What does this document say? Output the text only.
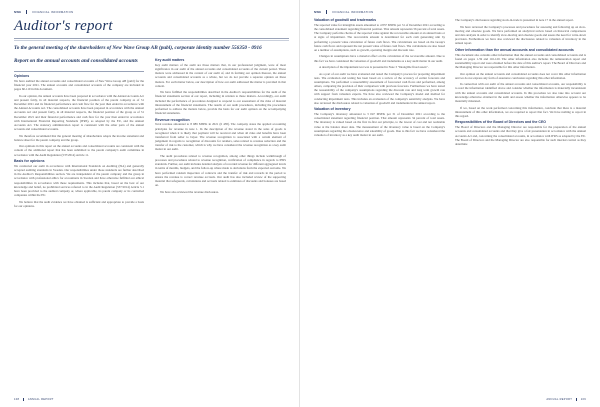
NWE	FINANCIAL INFORMATION
Auditor's report
To the general meeting of the shareholders of New Wave Group AB (publ), corporate identity number 556350 - 0916
Report on the annual accounts and consolidated accounts
Opinions

We have audited the annual accounts and consolidated accounts of New Wave Group AB (publ) for the financial year 2021. The annual accounts and consolidated accounts of the company are included in pages 60-110 in this document.

In our opinion, the annual accounts have been prepared in accordance with the Annual Accounts Act and present fairly, in all material respects, the financial position of the parent company as of 31 December 2021 and its financial performance and cash flow for the year then ended in accordance with the Annual Accounts Act. The consolidated accounts have been prepared in accordance with the Annual Accounts Act and present fairly, in all material respects, the financial position of the group as of 31 December 2021 and their financial performance and cash flow for the year then ended in accordance with International Financial Reporting Standards (IFRS), as adopted by the EU, and the Annual Accounts Act. The statutory administration report is consistent with the other parts of the annual accounts and consolidated accounts.

We therefore recommend that the general meeting of shareholders adopts the income statement and balance sheet for the parent company and the group.

Our opinions in this report on the annual accounts and consolidated accounts are consistent with the content of the additional report that has been submitted to the parent company's audit committee in accordance with the Audit Regulation (537/2014) Article 11.

Basis for opinions

We conducted our audit in accordance with International Standards on Auditing (ISA) and generally accepted auditing standards in Sweden. Our responsibilities under those standards are further described in the Auditor's Responsibilities section. We are independent of the parent company and the group in accordance with professional ethics for accountants in Sweden and have otherwise fulfilled our ethical responsibilities in accordance with these requirements. This includes that, based on the best of our knowledge and belief, no prohibited services referred to in the Audit Regulation (537/2014) Article 5.1 have been provided to the audited company or, where applicable, its parent company or its controlled companies within the EU.

We believe that the audit evidence we have obtained is sufficient and appropriate to provide a basis for our opinions.

Key audit matters

Key audit matters of the audit are those matters that, in our professional judgment, were of most significance in our audit of the annual accounts and consolidated accounts of the current period. These matters were addressed in the context of our audit of, and in forming our opinion thereon, the annual accounts and consolidated accounts as a whole, but we do not provide a separate opinion on these matters. For each matter below, our description of how our audit addressed the matter is provided in that context.

We have fulfilled the responsibilities described in the Auditor's responsibilities for the audit of the financial statements section of our report, including in relation to these matters. Accordingly, our audit included the performance of procedures designed to respond to our assessment of the risks of material misstatement of the financial statements. The results of our audit procedures, including the procedures performed to address the matters below, provide the basis for our audit opinion on the accompanying financial statements.

Revenue recognition

Total revenue amounted to 8 989 MSEK in 2021 (6 438). The company states the applied accounting principles for revenue in note 1. In the description of the revenue stated in the sales of goods is recognized when it is likely that payment will be received and when all risks and benefits have been transferred from seller to buyer. The revenue recognition is associated with a certain element of judgement in regards to recognition of discounts for retailers, sales related to revenue reduction and the transfer of risk to the customer, which is why we have considered the revenue recognition as a key audit matter in our audit.

The audit procedures related to revenue recognition, among other things include walkthrough of processes and procedures related to revenue recognition, verification of compliance in regards to IFRS standards. Further, our audit includes detailed analysis of recorded revenue for different aggregated levels in terms of months, budgets, and the follow-up where made to deviations from the expected outcome. We have performed random inspection of contracts and the transfer of risk and rewards in the period to ensure the revenue is correct revenue accruals. Our audit has also included review of the supporting material that safeguards, calculations and accruals related to estimates of discounts and bonuses are based on.

We have also reviewed the revenue disclosures.

108	ANNUAL REPORT
NWE	FINANCIAL INFORMATION
Valuation of goodwill and trademarks

The reported value for intangible assets amounted to 4 837 MSEK per 31 of December 2021 according to the consolidated statement regarding financial position. That amount represents 56 percent of total assets. The Company performs checks of the reported value against the recoverable amount at an annual basis or at signs of impairment. The recoverable amount is determined for each cash generating unit by performing a present value calculation of future cash flows. The calculations are based on the Group's future cash flows and represent the net present value of future cash flows. The calculations are also based on a number of assumptions, such as growth, operating margin and discount rate.

Changes in assumptions have a material effect on the calculation of the recoverable amount. Due to this fact we have considered the valuation of goodwill and trademarks as a key audit matter in our audit.

A description of the impairment test was is presented in Note 3 "Intangible fixed assets".

As a part of our audit we have evaluated and tested the Company's process for preparing impairment tests. The evaluation and testing has been based on a review of the accuracy of earlier forecasts and assumptions. We performed a reasonability assessment of forecasted cash flows and performed, among others, comparing the precision of their comparison with previous forecasts. Furthermore we have tested the reasonability of the company's assumptions regarding the discount rate and long term growth rate with support from valuation experts. We have also reviewed the Company's model and method for conducting impairment tests. This includes an evaluation of the company's sensitivity analysis. We have also reviewed the disclosures related to valuation of goodwill and trademarks in the annual report.

Valuation of inventory

The Company's inventory amounted to 3 047 MSEK per 31 of December 2021 according to the consolidated statement regarding financial position. That amount represents 34 percent of total assets. The inventory is valued based on the first in-first out principle, to the lowest of cost and net realizable value at the balance sheet date. The measurement of the inventory value is based on the Company's assumptions regarding the obsolescence and saleability of goods. Due to this fact we have considered the valuation of inventory as a key audit matter in our audit.

The Company's disclosures regarding stock-in-trade is presented in note 17 in the annual report.

We have reviewed the Company's processes and procedures for assessing and following up on slow-moving and obsolete goods. We have performed an analytical review based on historical comparisons and data analysis in order to identify slow-moving and obsolete goods and assess the need for write-down provision. Furthermore we have also reviewed the disclosures related to valuation of inventory in the annual report.

Other information than the annual accounts and consolidated accounts

This document also contains other information than the annual accounts and consolidated accounts and is found on pages 1-59 and 116-120. The other information also includes the remuneration report and sustainability report and were obtained before the date of this auditor's report. The Board of Directors and the Managing Director are responsible for this other information.

Our opinion on the annual accounts and consolidated accounts does not cover this other information and we do not express any form of assurance conclusion regarding this other information.

In connection with our audit of the annual accounts and consolidated accounts, our responsibility is to read the information identified above and consider whether the information is materially inconsistent with the annual accounts and consolidated accounts. In this procedure we also take into account our knowledge otherwise obtained in the audit and assess whether the information otherwise appears to be materially misstated.

If we, based on the work performed concerning this information, conclude that there is a material misstatement of this other information, we are required to report that fact. We have nothing to report in this regard.

Responsibilities of the Board of Directors and the CEO

The Board of Directors and the Managing Director are responsible for the preparation of the annual accounts and consolidated accounts and that they give a fair presentation in accordance with the Annual Accounts Act and, concerning the consolidated accounts, in accordance with IFRS as adopted by the EU. The Board of Directors and the Managing Director are also responsible for such internal control as they determine

ANNUAL REPORT	109
